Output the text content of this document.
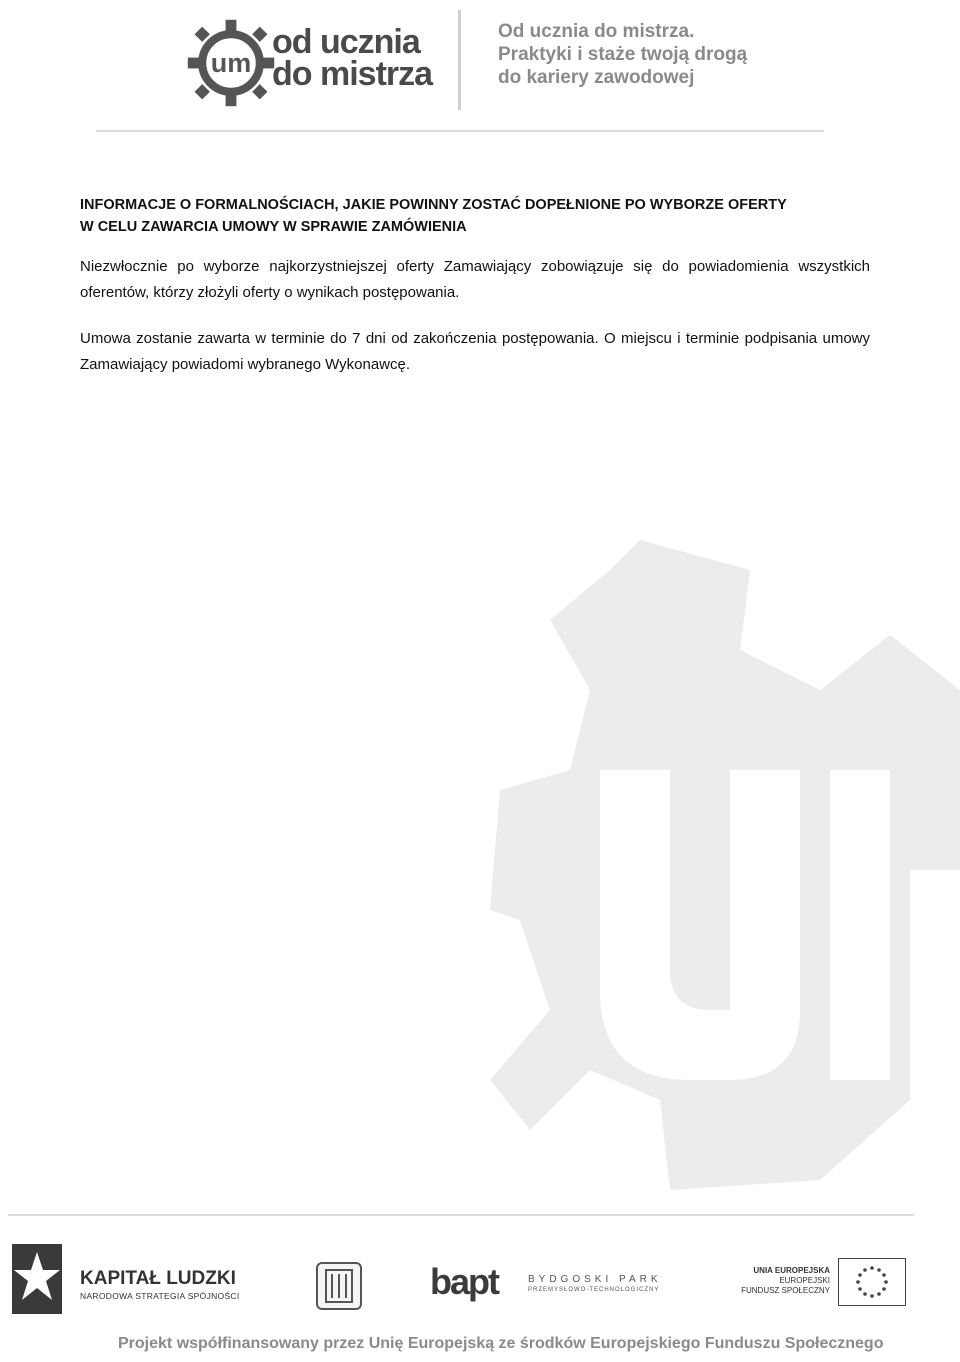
um
od ucznia
do mistrza
Od ucznia do mistrza.
Praktyki i staże twoją drogą
do kariery zawodowej
INFORMACJE O FORMALNOŚCIACH, JAKIE POWINNY ZOSTAĆ DOPEŁNIONE PO WYBORZE OFERTY
W CELU ZAWARCIA UMOWY W SPRAWIE ZAMÓWIENIA

Niezwłocznie po wyborze najkorzystniejszej oferty Zamawiający zobowiązuje się do powiadomienia wszystkich oferentów, którzy złożyli oferty o wynikach postępowania.

Umowa zostanie zawarta w terminie do 7 dni od zakończenia postępowania. O miejscu i terminie podpisania umowy Zamawiający powiadomi wybranego Wykonawcę.

KAPITAŁ LUDZKI
NARODOWA STRATEGIA SPÓJNOŚCI	bapt	BYDGOSKI PARK
PRZEMYSŁOWO-TECHNOLOGICZNY
UNIA EUROPEJSKA
EUROPEJSKI
FUNDUSZ SPOŁECZNY
Projekt współfinansowany przez Unię Europejską ze środków Europejskiego Funduszu Społecznego
